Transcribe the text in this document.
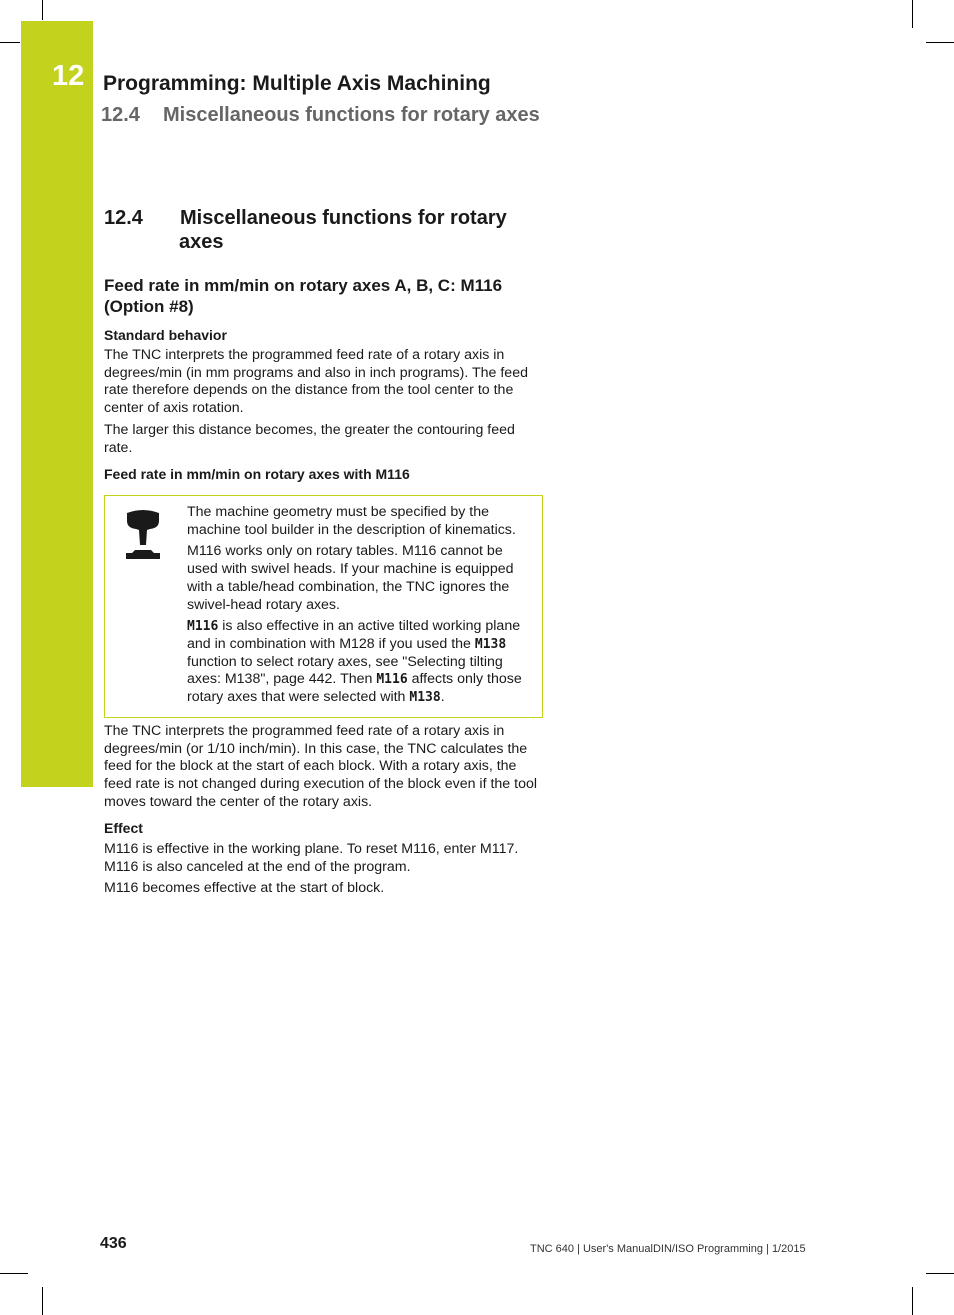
12 Programming: Multiple Axis Machining
12.4 Miscellaneous functions for rotary axes
12.4 Miscellaneous functions for rotary
axes
Feed rate in mm/min on rotary axes A, B, C: M116 (Option #8)
Standard behavior

The TNC interprets the programmed feed rate of a rotary axis in degrees/min (in mm programs and also in inch programs). The feed rate therefore depends on the distance from the tool center to the center of axis rotation.

The larger this distance becomes, the greater the contouring feed rate.

Feed rate in mm/min on rotary axes with M116

The machine geometry must be specified by the machine tool builder in the description of kinematics.

M116 works only on rotary tables. M116 cannot be used with swivel heads. If your machine is equipped with a table/head combination, the TNC ignores the swivel-head rotary axes.

M116 is also effective in an active tilted working plane and in combination with M128 if you used the M138 function to select rotary axes, see "Selecting tilting axes: M138", page 442. Then M116 affects only those rotary axes that were selected with M138.

The TNC interprets the programmed feed rate of a rotary axis in degrees/min (or 1/10 inch/min). In this case, the TNC calculates the feed for the block at the start of each block. With a rotary axis, the feed rate is not changed during execution of the block even if the tool moves toward the center of the rotary axis.

Effect

M116 is effective in the working plane. To reset M116, enter M117. M116 is also canceled at the end of the program.

M116 becomes effective at the start of block.

436	TNC 640 | User's ManualDIN/ISO Programming | 1/2015
